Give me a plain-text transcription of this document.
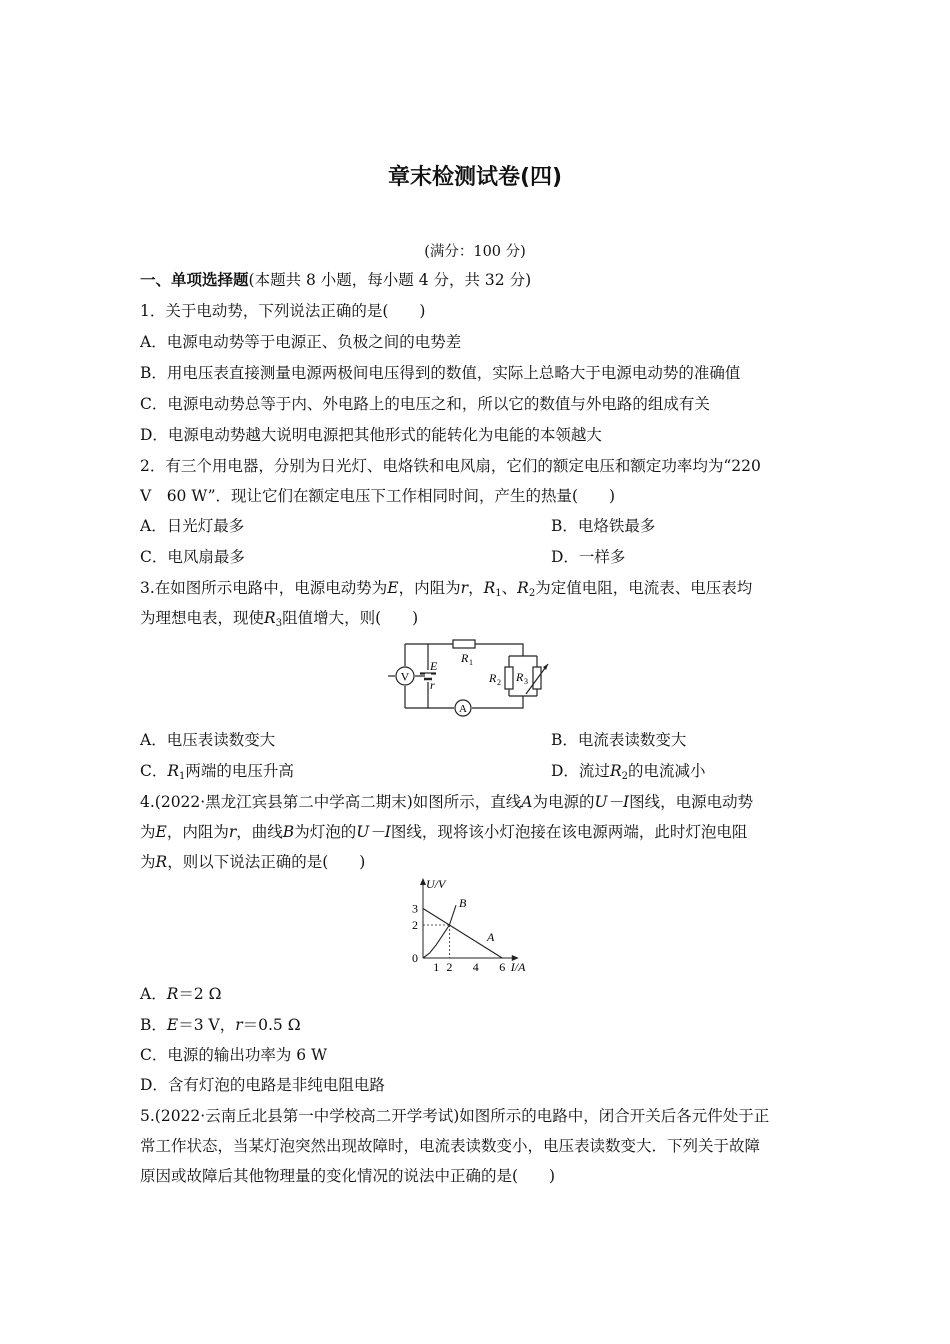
章末检测试卷(四)
(满分：100 分)
一、单项选择题(本题共 8 小题，每小题 4 分，共 32 分)
1．关于电动势，下列说法正确的是(　　)
A．电源电动势等于电源正、负极之间的电势差
B．用电压表直接测量电源两极间电压得到的数值，实际上总略大于电源电动势的准确值
C．电源电动势总等于内、外电路上的电压之和，所以它的数值与外电路的组成有关
D．电源电动势越大说明电源把其他形式的能转化为电能的本领越大
2．有三个用电器，分别为日光灯、电烙铁和电风扇，它们的额定电压和额定功率均为“220
V　60 W”．现让它们在额定电压下工作相同时间，产生的热量(　　)
A．日光灯最多	B．电烙铁最多
C．电风扇最多	D．一样多
3.在如图所示电路中，电源电动势为E，内阻为r，$R_1$、$R_2$为定值电阻，电流表、电压表均
为理想电表，现使$R_3$阻值增大，则(　　)
V
A
E
r
R 1
R 2 R 3
A．电压表读数变大	B．电流表读数变大
C．$R_1$两端的电压升高	D．流过$R_2$的电流减小
4.(2022·黑龙江宾县第二中学高二期末)如图所示，直线A为电源的U－I图线，电源电动势
为E，内阻为r，曲线B为灯泡的U－I图线，现将该小灯泡接在该电源两端，此时灯泡电阻
为R，则以下说法正确的是(　　)
U/V
I/A
0
1 2 4 6
2
3
A
B
A．R＝2 Ω
B．E＝3 V，r＝0.5 Ω
C．电源的输出功率为 6 W
D．含有灯泡的电路是非纯电阻电路
5.(2022·云南丘北县第一中学校高二开学考试)如图所示的电路中，闭合开关后各元件处于正
常工作状态，当某灯泡突然出现故障时，电流表读数变小，电压表读数变大．下列关于故障
原因或故障后其他物理量的变化情况的说法中正确的是(　　)
